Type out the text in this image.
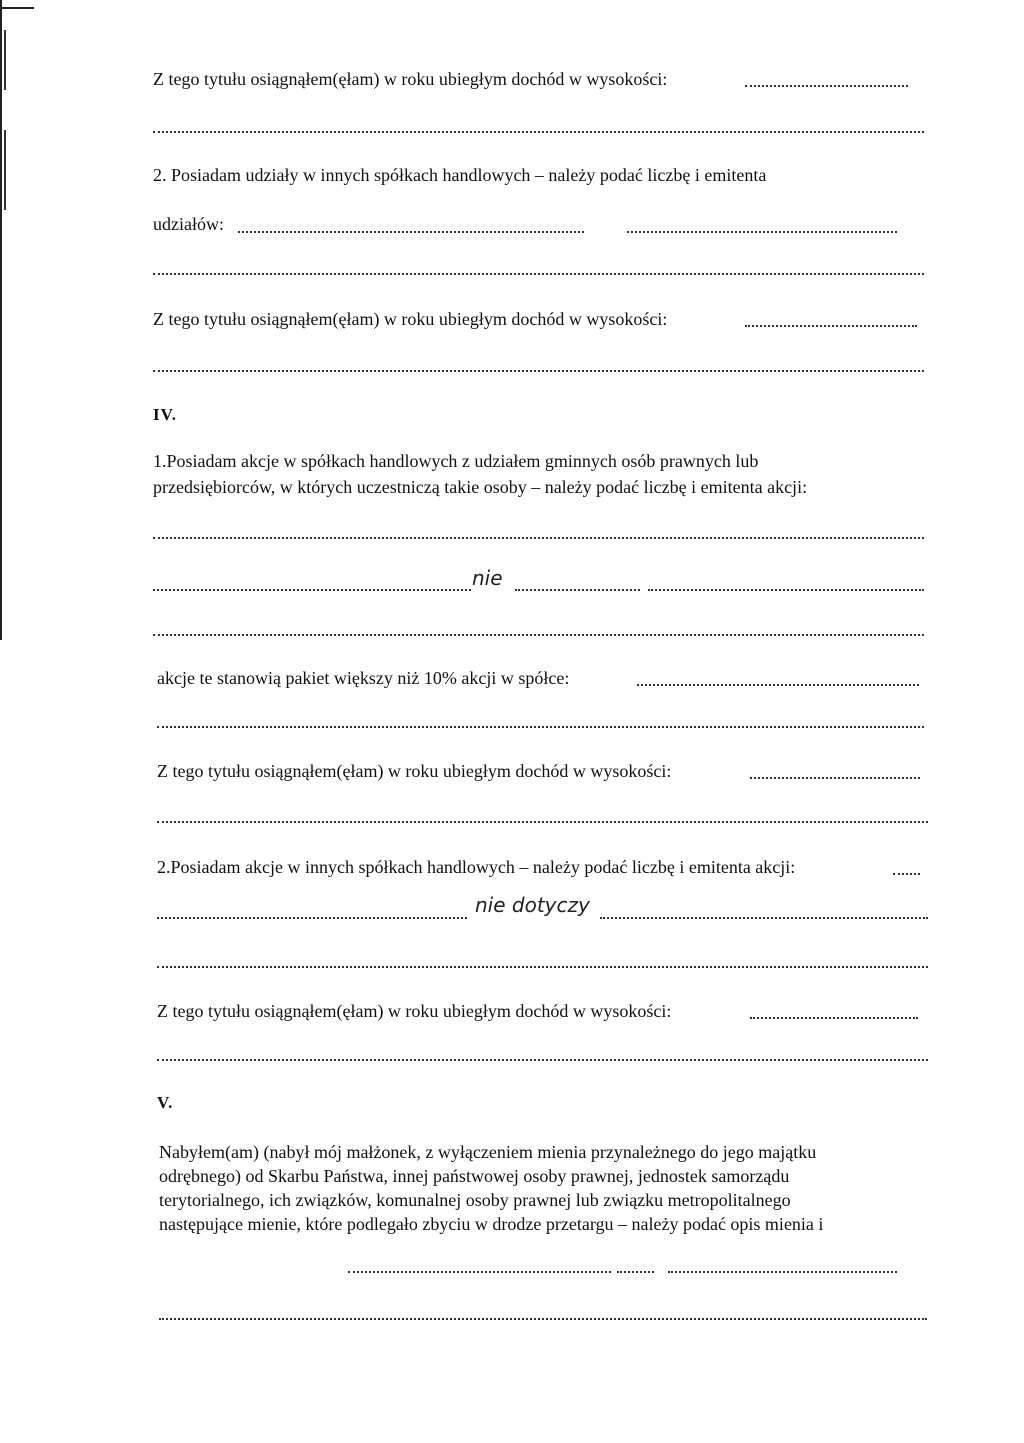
Z tego tytułu osiągnąłem(ęłam) w roku ubiegłym dochód w wysokości:
2. Posiadam udziały w innych spółkach handlowych – należy podać liczbę i emitenta
udziałów:
Z tego tytułu osiągnąłem(ęłam) w roku ubiegłym dochód w wysokości:
IV.
1.Posiadam akcje w spółkach handlowych z udziałem gminnych osób prawnych lub
przedsiębiorców, w których uczestniczą takie osoby – należy podać liczbę i emitenta akcji:
nie
akcje te stanowią pakiet większy niż 10% akcji w spółce:
Z tego tytułu osiągnąłem(ęłam) w roku ubiegłym dochód w wysokości:
2.Posiadam akcje w innych spółkach handlowych – należy podać liczbę i emitenta akcji:
nie dotyczy
Z tego tytułu osiągnąłem(ęłam) w roku ubiegłym dochód w wysokości:
V.
Nabyłem(am) (nabył mój małżonek, z wyłączeniem mienia przynależnego do jego majątku
odrębnego) od Skarbu Państwa, innej państwowej osoby prawnej, jednostek samorządu
terytorialnego, ich związków, komunalnej osoby prawnej lub związku metropolitalnego
następujące mienie, które podlegało zbyciu w drodze przetargu – należy podać opis mienia i
